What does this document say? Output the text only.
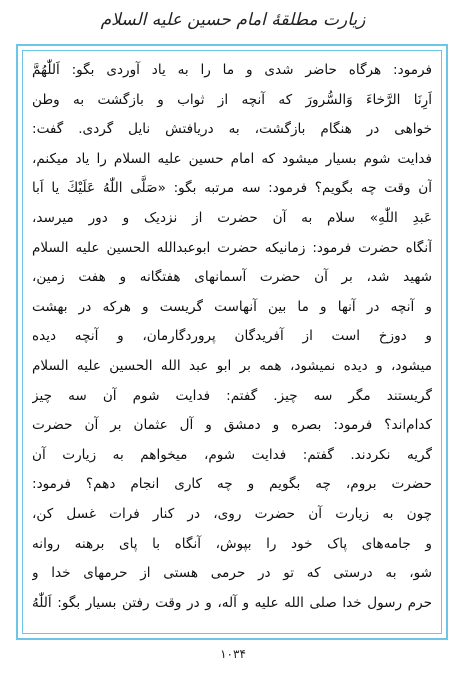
زیارت مطلقهٔ امام حسین علیه السلام
فرمود: هرگاه حاضر شدی و ما را به یاد آوردی بگو: اَللّٰهُمَّ
اَرِنَا الرَّخاءَ وَالسُّرورَ که آنچه از ثواب و بازگشت به وطن
خواهی در هنگام بازگشت، به دریافتش نایل گردی. گفت:
فدایت شوم بسیار میشود که امام حسین علیه السلام را یاد میکنم،
آن وقت چه بگویم؟ فرمود: سه مرتبه بگو: «صَلَّی اللّٰهُ عَلَیْكَ یا اَبا
عَبدِ اللّٰهِ» سلام به آن حضرت از نزدیک و دور میرسد،
آنگاه حضرت فرمود: زمانیکه حضرت ابوعبدالله الحسین علیه السلام
شهید شد، بر آن حضرت آسمانهای هفتگانه و هفت زمین،
و آنچه در آنها و ما بین آنهاست گریست و هرکه در بهشت
و دوزخ است از آفریدگان پروردگارمان، و آنچه دیده
میشود، و دیده نمیشود، همه بر ابو عبد الله الحسین علیه السلام
گریستند مگر سه چیز. گفتم: فدایت شوم آن سه چیز
کدام‌اند؟ فرمود: بصره و دمشق و آل عثمان بر آن حضرت
گریه نکردند. گفتم: فدایت شوم، میخواهم به زیارت آن
حضرت بروم، چه بگویم و چه کاری انجام دهم؟ فرمود:
چون به زیارت آن حضرت روی، در کنار فرات غسل کن،
و جامه‌های پاک خود را بپوش، آنگاه با پای برهنه روانه
شو، به درستی که تو در حرمی هستی از حرمهای خدا و
حرم رسول خدا صلی الله علیه و آله، و در وقت رفتن بسیار بگو: اَللّٰهُ
۱۰۳۴
